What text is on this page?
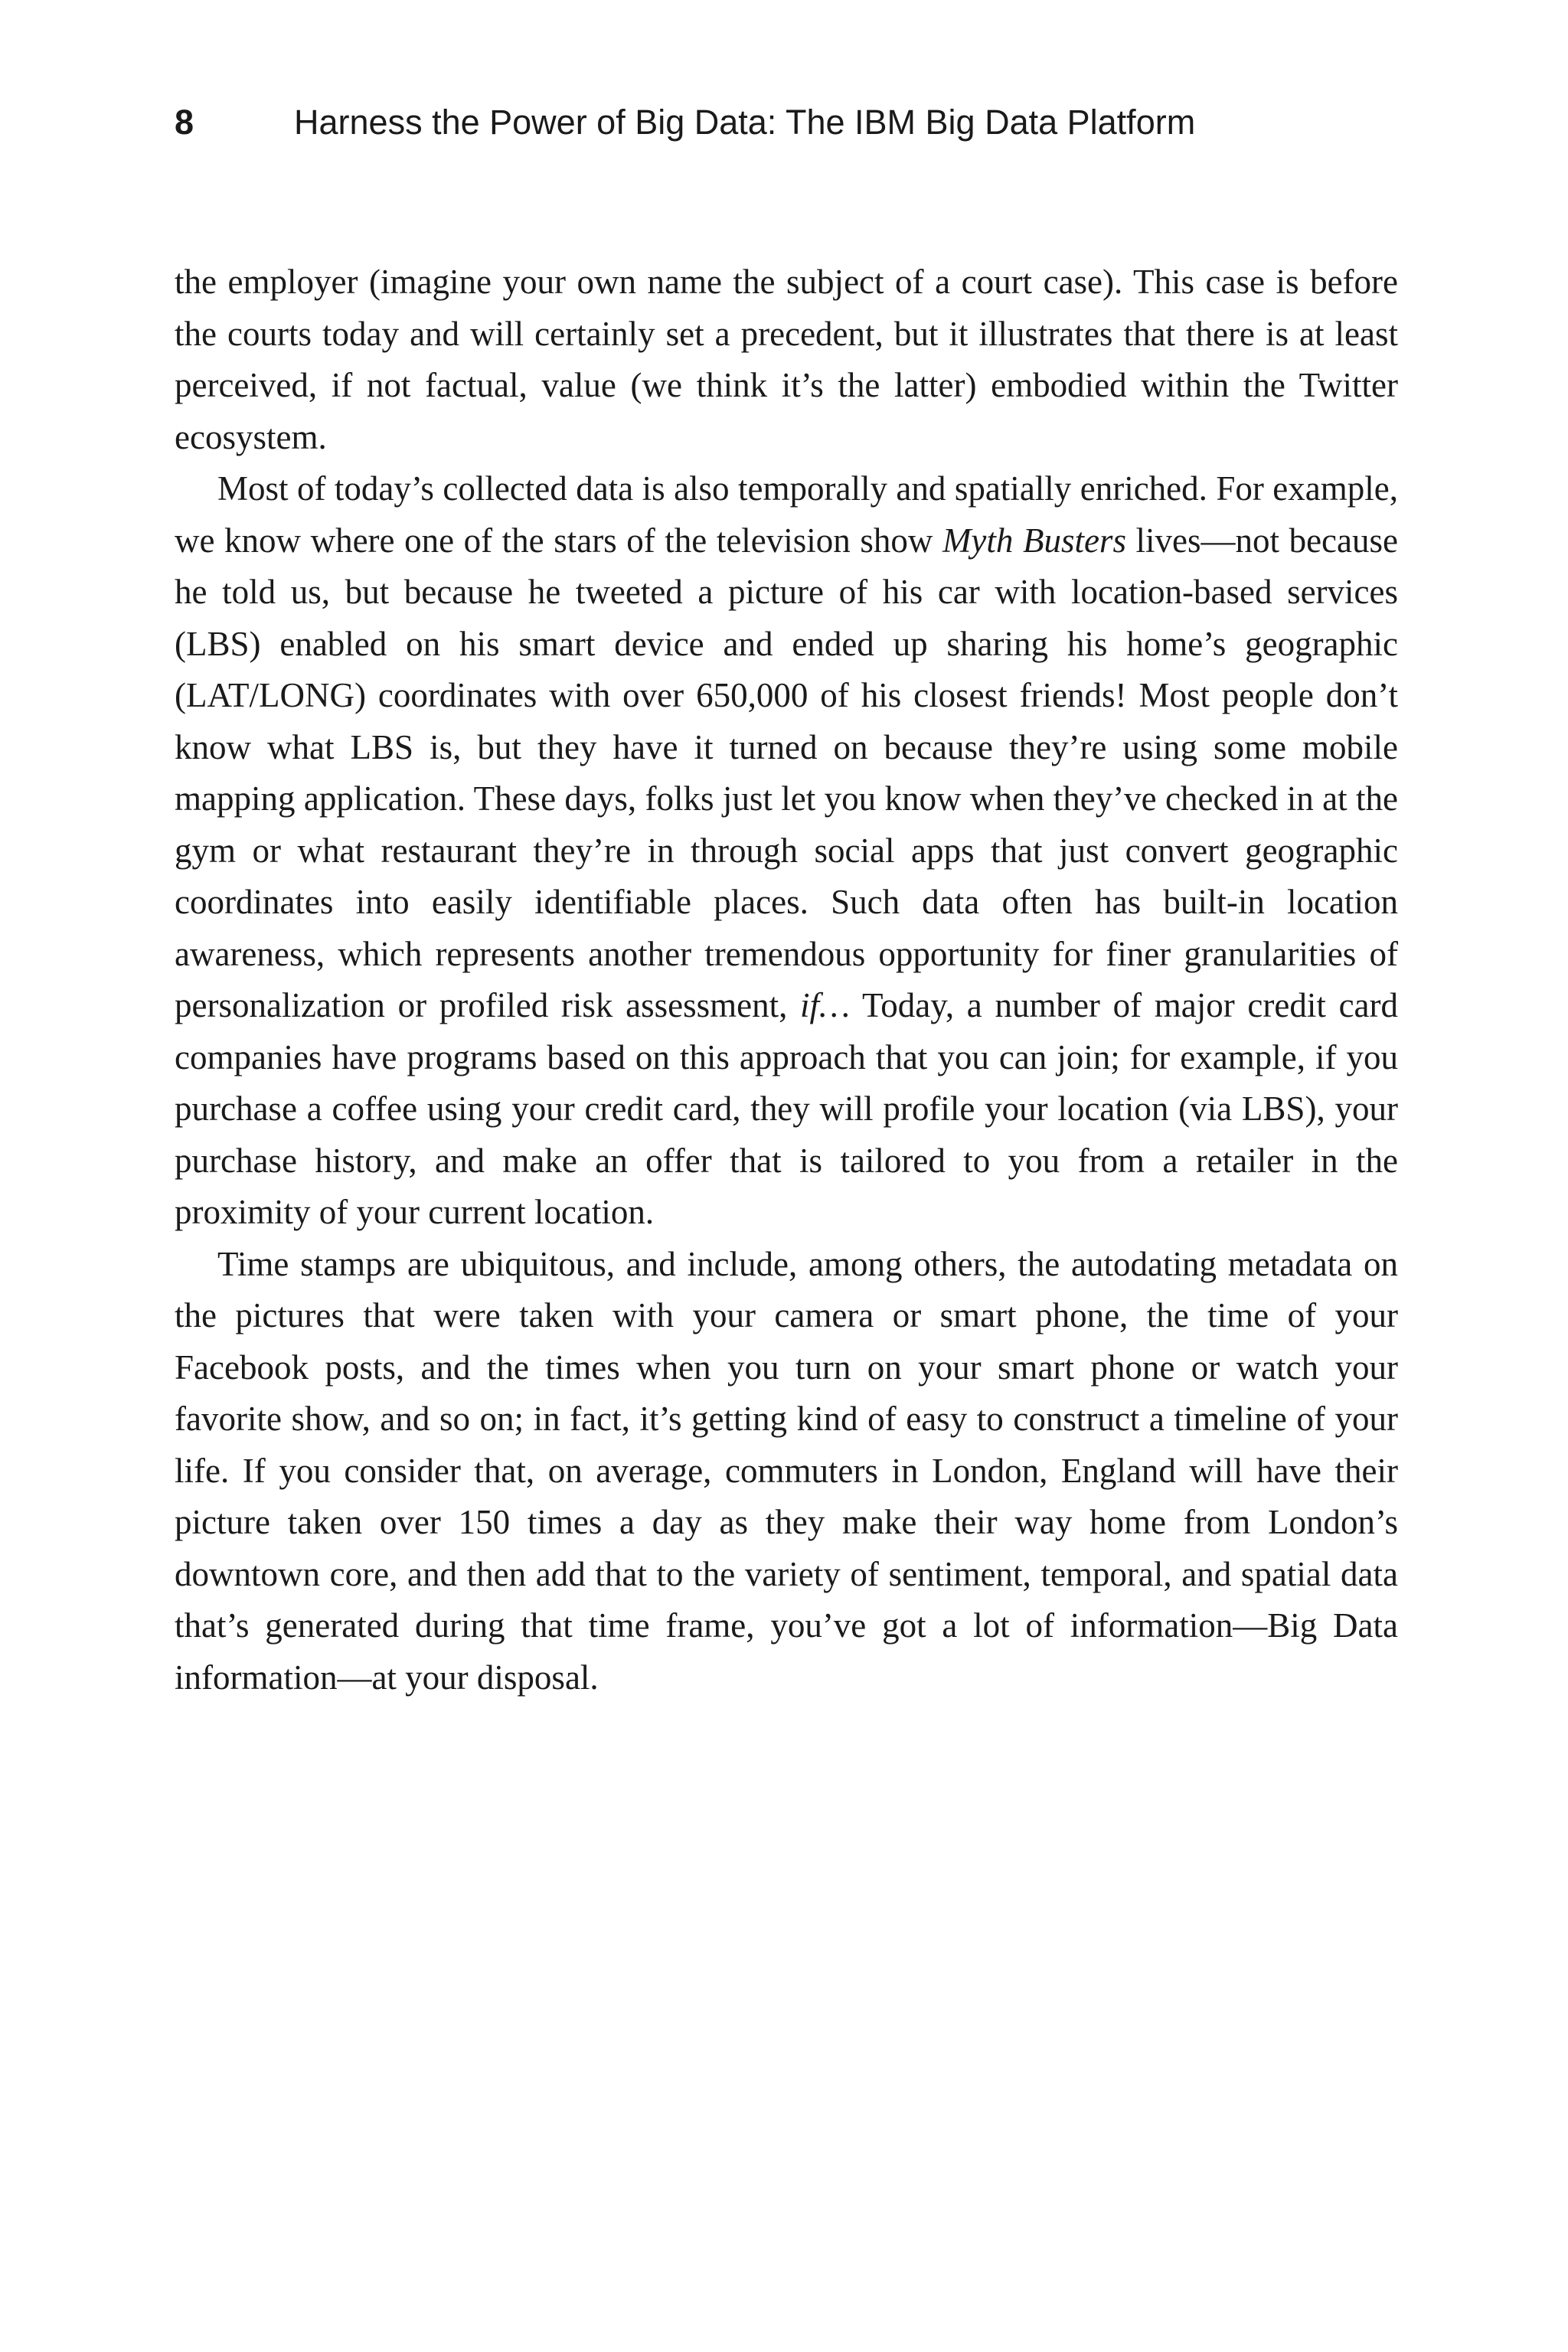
8	Harness the Power of Big Data: The IBM Big Data Platform

the employer (imagine your own name the subject of a court case). This case is before the courts today and will certainly set a precedent, but it illustrates that there is at least perceived, if not factual, value (we think it’s the latter) embodied within the Twitter ecosystem.

Most of today’s collected data is also temporally and spatially enriched. For example, we know where one of the stars of the television show Myth Busters lives—not because he told us, but because he tweeted a picture of his car with location-based services (LBS) enabled on his smart device and ended up sharing his home’s geographic (LAT/LONG) coordinates with over 650,000 of his closest friends! Most people don’t know what LBS is, but they have it turned on because they’re using some mobile mapping application. These days, folks just let you know when they’ve checked in at the gym or what restaurant they’re in through social apps that just convert geographic coordinates into easily identifiable places. Such data often has built-in location awareness, which represents another tremendous opportunity for finer granularities of personalization or profiled risk assessment, if… Today, a number of major credit card companies have programs based on this approach that you can join; for example, if you purchase a coffee using your credit card, they will profile your location (via LBS), your purchase history, and make an offer that is tailored to you from a retailer in the proximity of your current location.

Time stamps are ubiquitous, and include, among others, the autodating metadata on the pictures that were taken with your camera or smart phone, the time of your Facebook posts, and the times when you turn on your smart phone or watch your favorite show, and so on; in fact, it’s getting kind of easy to construct a timeline of your life. If you consider that, on average, commuters in London, England will have their picture taken over 150 times a day as they make their way home from London’s downtown core, and then add that to the variety of sentiment, temporal, and spatial data that’s generated during that time frame, you’ve got a lot of information—Big Data information—at your disposal.
